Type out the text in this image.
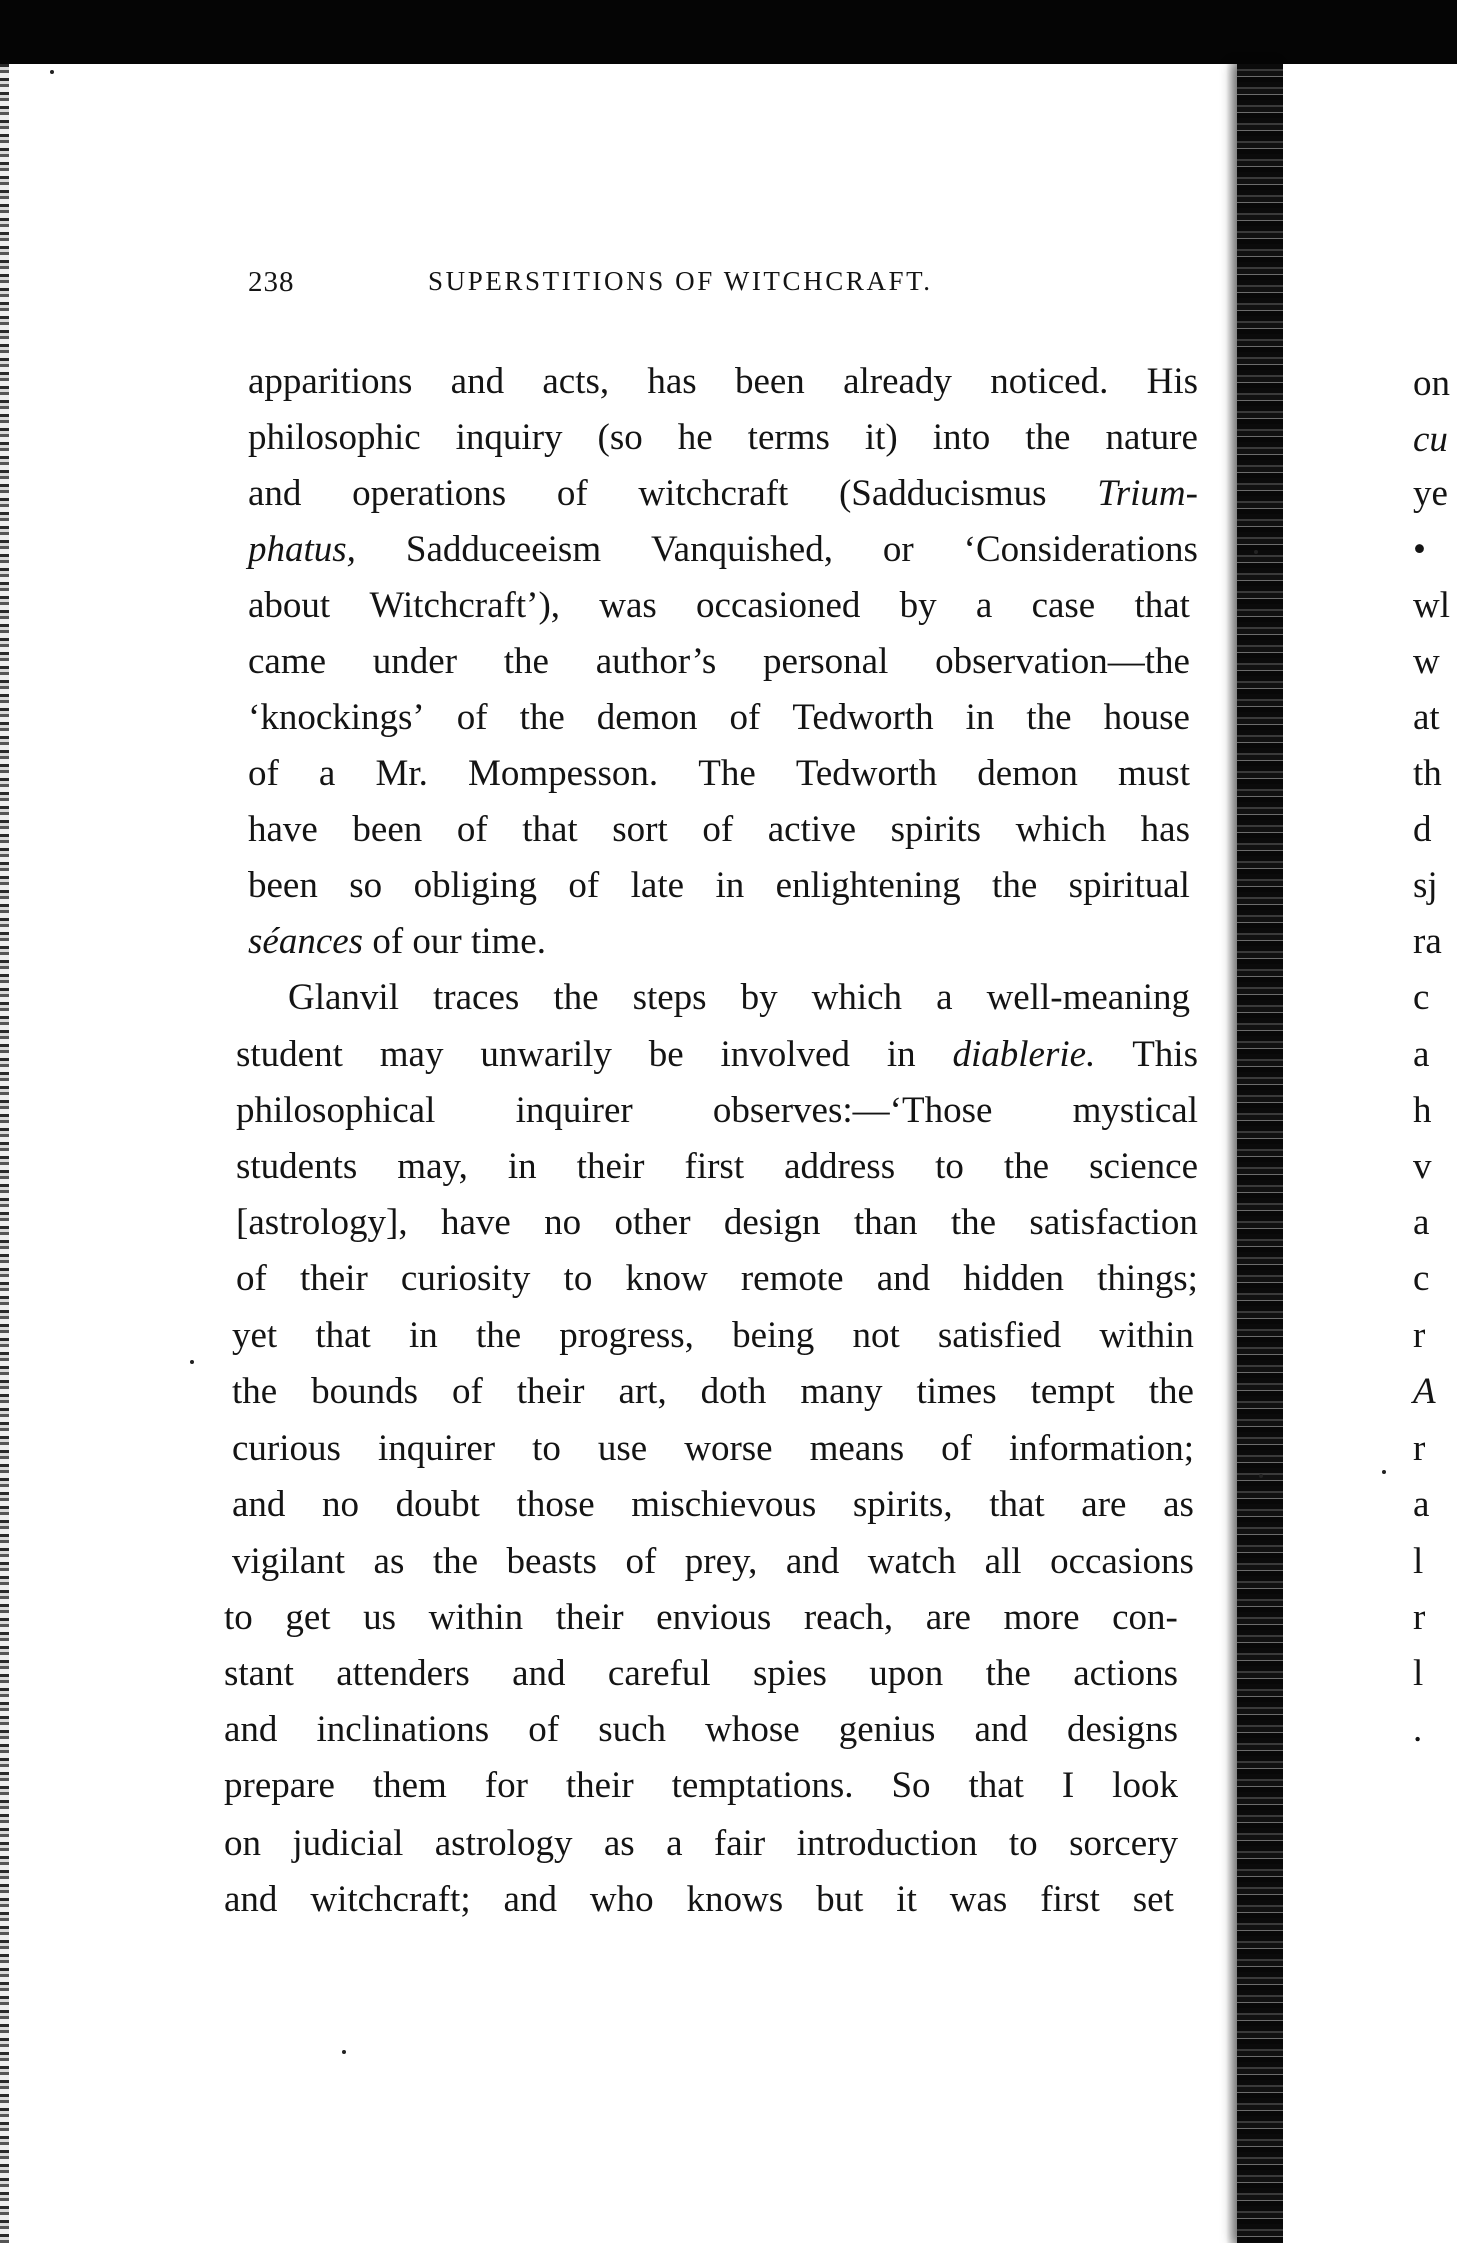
238	SUPERSTITIONS OF WITCHCRAFT.
apparitions and acts, has been already noticed. His
philosophic inquiry (so he terms it) into the nature
and operations of witchcraft (Sadducismus Trium-
phatus, Sadduceeism Vanquished, or ‘Considerations
about Witchcraft’), was occasioned by a case that
came under the author’s personal observation—the
‘knockings’ of the demon of Tedworth in the house
of a Mr. Mompesson. The Tedworth demon must
have been of that sort of active spirits which has
been so obliging of late in enlightening the spiritual
séances of our time.
Glanvil traces the steps by which a well-meaning
student may unwarily be involved in diablerie. This
philosophical inquirer observes:—‘Those mystical
students may, in their first address to the science
[astrology], have no other design than the satisfaction
of their curiosity to know remote and hidden things;
yet that in the progress, being not satisfied within
the bounds of their art, doth many times tempt the
curious inquirer to use worse means of information;
and no doubt those mischievous spirits, that are as
vigilant as the beasts of prey, and watch all occasions
to get us within their envious reach, are more con-
stant attenders and careful spies upon the actions
and inclinations of such whose genius and designs
prepare them for their temptations. So that I look
on judicial astrology as a fair introduction to sorcery
and witchcraft; and who knows but it was first set
on
cu
ye
•
wl
w
at
th
d
sj
ra
c
a
h
v
a
c
r
A
r
a
l
r
l
.
